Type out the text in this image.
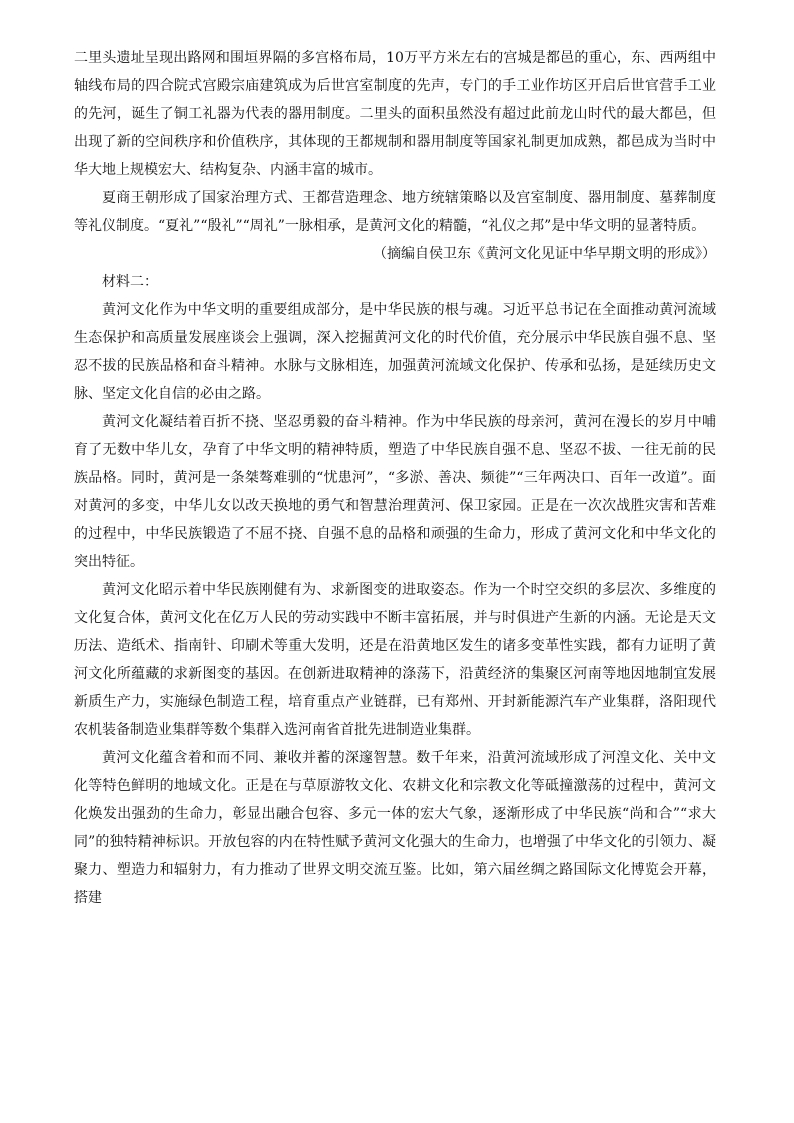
二里头遗址呈现出路网和围垣界隔的多宫格布局，10万平方米左右的宫城是都邑的重心，东、西两组中轴线布局的四合院式宫殿宗庙建筑成为后世宫室制度的先声，专门的手工业作坊区开启后世官营手工业的先河，诞生了铜工礼器为代表的器用制度。二里头的面积虽然没有超过此前龙山时代的最大都邑，但出现了新的空间秩序和价值秩序，其体现的王都规制和器用制度等国家礼制更加成熟，都邑成为当时中华大地上规模宏大、结构复杂、内涵丰富的城市。

夏商王朝形成了国家治理方式、王都营造理念、地方统辖策略以及宫室制度、器用制度、墓葬制度等礼仪制度。“夏礼”“殷礼”“周礼”一脉相承，是黄河文化的精髓，“礼仪之邦”是中华文明的显著特质。

（摘编自侯卫东《黄河文化见证中华早期文明的形成》）

材料二：

黄河文化作为中华文明的重要组成部分，是中华民族的根与魂。习近平总书记在全面推动黄河流域生态保护和高质量发展座谈会上强调，深入挖掘黄河文化的时代价值，充分展示中华民族自强不息、坚忍不拔的民族品格和奋斗精神。水脉与文脉相连，加强黄河流域文化保护、传承和弘扬，是延续历史文脉、坚定文化自信的必由之路。

黄河文化凝结着百折不挠、坚忍勇毅的奋斗精神。作为中华民族的母亲河，黄河在漫长的岁月中哺育了无数中华儿女，孕育了中华文明的精神特质，塑造了中华民族自强不息、坚忍不拔、一往无前的民族品格。同时，黄河是一条桀骜难驯的“忧患河”，“多淤、善决、频徙”“三年两决口、百年一改道”。面对黄河的多变，中华儿女以改天换地的勇气和智慧治理黄河、保卫家园。正是在一次次战胜灾害和苦难的过程中，中华民族锻造了不屈不挠、自强不息的品格和顽强的生命力，形成了黄河文化和中华文化的突出特征。

黄河文化昭示着中华民族刚健有为、求新图变的进取姿态。作为一个时空交织的多层次、多维度的文化复合体，黄河文化在亿万人民的劳动实践中不断丰富拓展，并与时俱进产生新的内涵。无论是天文历法、造纸术、指南针、印刷术等重大发明，还是在沿黄地区发生的诸多变革性实践，都有力证明了黄河文化所蕴藏的求新图变的基因。在创新进取精神的涤荡下，沿黄经济的集聚区河南等地因地制宜发展新质生产力，实施绿色制造工程，培育重点产业链群，已有郑州、开封新能源汽车产业集群，洛阳现代农机装备制造业集群等数个集群入选河南省首批先进制造业集群。

黄河文化蕴含着和而不同、兼收并蓄的深邃智慧。数千年来，沿黄河流域形成了河湟文化、关中文化等特色鲜明的地域文化。正是在与草原游牧文化、农耕文化和宗教文化等砥撞激荡的过程中，黄河文化焕发出强劲的生命力，彰显出融合包容、多元一体的宏大气象，逐渐形成了中华民族“尚和合”“求大同”的独特精神标识。开放包容的内在特性赋予黄河文化强大的生命力，也增强了中华文化的引领力、凝聚力、塑造力和辐射力，有力推动了世界文明交流互鉴。比如，第六届丝绸之路国际文化博览会开幕，搭建
